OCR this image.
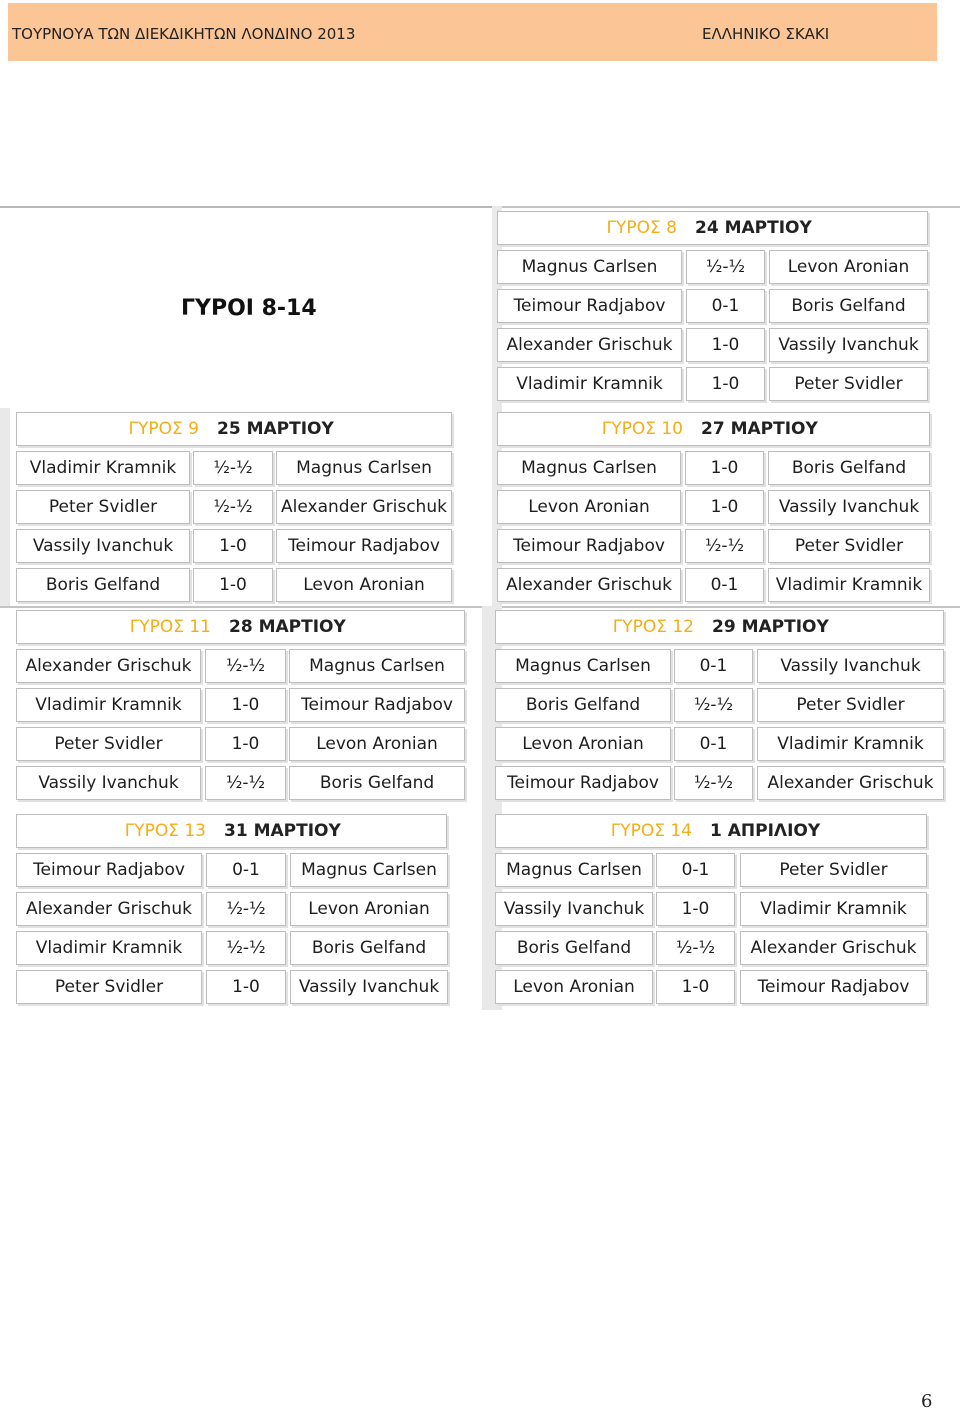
ΤΟΥΡΝΟΥΑ ΤΩΝ ΔΙΕΚΔΙΚΗΤΩΝ ΛΟΝΔΙΝΟ 2013	ΕΛΛΗΝΙΚΟ ΣΚΑΚΙ
ΓΥΡΟΙ 8-14
ΓΥΡΟΣ 8	24 ΜΑΡΤΙΟΥ
Magnus Carlsen	½-½	Levon Aronian
Teimour Radjabov	0-1	Boris Gelfand
Alexander Grischuk	1-0	Vassily Ivanchuk
Vladimir Kramnik	1-0	Peter Svidler
ΓΥΡΟΣ 9	25 ΜΑΡΤΙΟΥ
Vladimir Kramnik	½-½	Magnus Carlsen
Peter Svidler	½-½	Alexander Grischuk
Vassily Ivanchuk	1-0	Teimour Radjabov
Boris Gelfand	1-0	Levon Aronian
ΓΥΡΟΣ 10	27 ΜΑΡΤΙΟΥ
Magnus Carlsen	1-0	Boris Gelfand
Levon Aronian	1-0	Vassily Ivanchuk
Teimour Radjabov	½-½	Peter Svidler
Alexander Grischuk	0-1	Vladimir Kramnik
ΓΥΡΟΣ 11	28 ΜΑΡΤΙΟΥ
Alexander Grischuk	½-½	Magnus Carlsen
Vladimir Kramnik	1-0	Teimour Radjabov
Peter Svidler	1-0	Levon Aronian
Vassily Ivanchuk	½-½	Boris Gelfand
ΓΥΡΟΣ 12	29 ΜΑΡΤΙΟΥ
Magnus Carlsen	0-1	Vassily Ivanchuk
Boris Gelfand	½-½	Peter Svidler
Levon Aronian	0-1	Vladimir Kramnik
Teimour Radjabov	½-½	Alexander Grischuk
ΓΥΡΟΣ 13	31 ΜΑΡΤΙΟΥ
Teimour Radjabov	0-1	Magnus Carlsen
Alexander Grischuk	½-½	Levon Aronian
Vladimir Kramnik	½-½	Boris Gelfand
Peter Svidler	1-0	Vassily Ivanchuk
ΓΥΡΟΣ 14	1 ΑΠΡΙΛΙΟΥ
Magnus Carlsen	0-1	Peter Svidler
Vassily Ivanchuk	1-0	Vladimir Kramnik
Boris Gelfand	½-½	Alexander Grischuk
Levon Aronian	1-0	Teimour Radjabov
6
